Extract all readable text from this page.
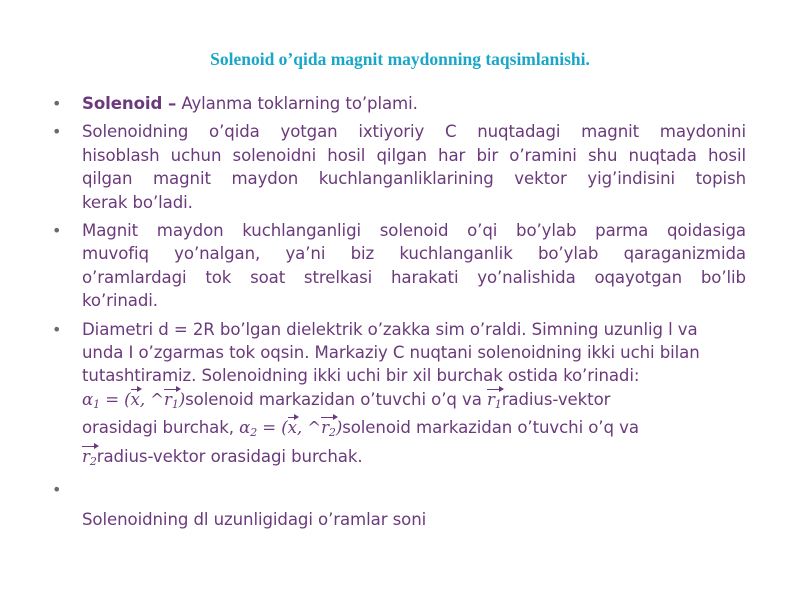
Solenoid o’qida magnit maydonning taqsimlanishi.
•	Solenoid – Aylanma toklarning to’plami.
•	Solenoidning o’qida yotgan ixtiyoriy C nuqtadagi magnit maydonini
hisoblash uchun solenoidni hosil qilgan har bir o’ramini shu nuqtada hosil
qilgan magnit maydon kuchlanganliklarining vektor yig’indisini topish
kerak bo’ladi.
•	Magnit maydon kuchlanganligi solenoid o’qi bo’ylab parma qoidasiga
muvofiq yo’nalgan, ya’ni biz kuchlanganlik bo’ylab qaraganizmida
o’ramlardagi tok soat strelkasi harakati yo’nalishida oqayotgan bo’lib
ko’rinadi.
•	Diametri d = 2R bo’lgan dielektrik o’zakka sim o’raldi. Simning uzunlig l va
unda I o’zgarmas tok oqsin. Markaziy C nuqtani solenoidning ikki uchi bilan
tutashtiramiz. Solenoidning ikki uchi bir xil burchak ostida ko’rinadi:
$\alpha_1 = (x$, $\^{}r_1)solenoid$ markazidan o’tuvchi o’q va $r_1radius$-vektor
orasidagi burchak, $\alpha_2 = (x$, $\^{}r_2)solenoid$ markazidan o’tuvchi o’q va
$r_2radius$-vektor orasidagi burchak.
•

Solenoidning dl uzunligidagi o’ramlar soni
